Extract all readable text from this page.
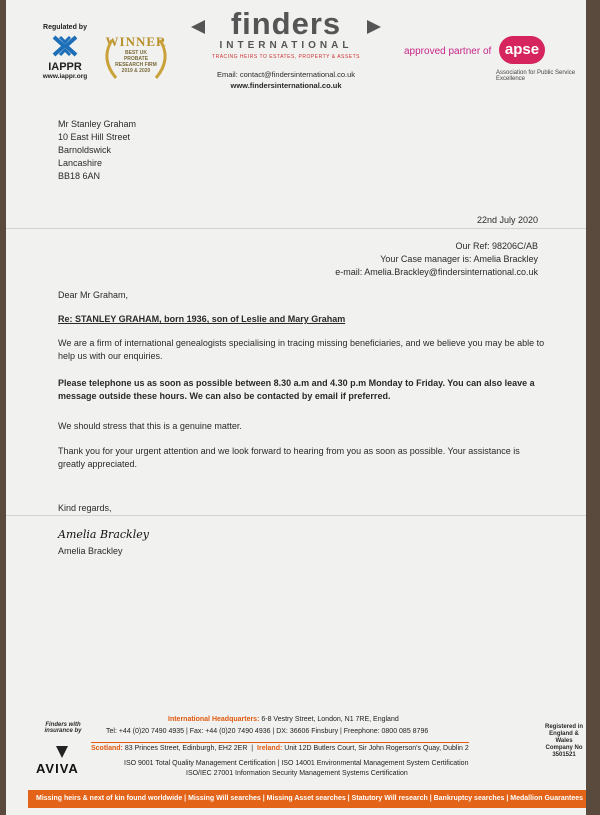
Regulated by
IAPPR
www.iappr.org
WINNER
BEST UK PROBATE RESEARCH FIRM 2019 & 2020
finders
INTERNATIONAL
TRACING HEIRS TO ESTATES, PROPERTY & ASSETS
Email: contact@findersinternational.co.uk
www.findersinternational.co.uk
approved partner of apse
Association for Public Service Excellence
Mr Stanley Graham
10 East Hill Street
Barnoldswick
Lancashire
BB18 6AN
22nd July 2020
Our Ref: 98206C/AB
Your Case manager is: Amelia Brackley
e-mail: Amelia.Brackley@findersinternational.co.uk
Dear Mr Graham,
Re: STANLEY GRAHAM, born 1936, son of Leslie and Mary Graham
We are a firm of international genealogists specialising in tracing missing beneficiaries, and we believe you may be able to help us with our enquiries.
Please telephone us as soon as possible between 8.30 a.m and 4.30 p.m Monday to Friday. You can also leave a message outside these hours. We can also be contacted by email if preferred.
We should stress that this is a genuine matter.
Thank you for your urgent attention and we look forward to hearing from you as soon as possible. Your assistance is greatly appreciated.
Kind regards,
Amelia Brackley
Amelia Brackley
Finders with insurance by
AVIVA
International Headquarters: 6-8 Vestry Street, London, N1 7RE, England
Tel: +44 (0)20 7490 4935 | Fax: +44 (0)20 7490 4936 | DX: 36606 Finsbury | Freephone: 0800 085 8796
Scotland: 83 Princes Street, Edinburgh, EH2 2ER  |  Ireland: Unit 12D Butlers Court, Sir John Rogerson's Quay, Dublin 2
ISO 9001 Total Quality Management Certification | ISO 14001 Environmental Management System Certification
ISO/IEC 27001 Information Security Management Systems Certification
Registered in England & Wales Company No 3501521
Missing heirs & next of kin found worldwide | Missing Will searches | Missing Asset searches | Statutory Will research | Bankruptcy searches | Medallion Guarantees
